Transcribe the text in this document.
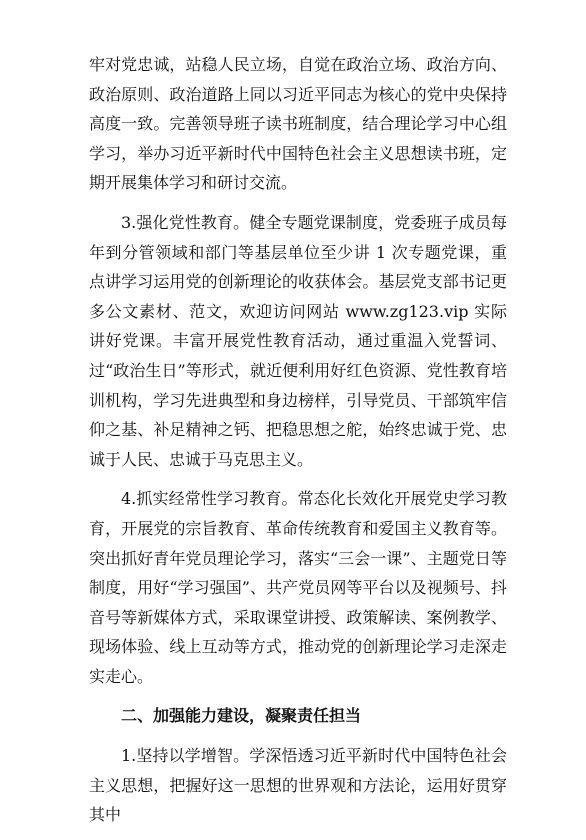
牢对党忠诚，站稳人民立场，自觉在政治立场、政治方向、政治原则、政治道路上同以习近平同志为核心的党中央保持高度一致。完善领导班子读书班制度，结合理论学习中心组学习，举办习近平新时代中国特色社会主义思想读书班，定期开展集体学习和研讨交流。

3.强化党性教育。健全专题党课制度，党委班子成员每年到分管领域和部门等基层单位至少讲 1 次专题党课，重点讲学习运用党的创新理论的收获体会。基层党支部书记更多公文素材、范文，欢迎访问网站 www.zg123.vip 实际讲好党课。丰富开展党性教育活动，通过重温入党誓词、过“政治生日”等形式，就近便利用好红色资源、党性教育培训机构，学习先进典型和身边榜样，引导党员、干部筑牢信仰之基、补足精神之钙、把稳思想之舵，始终忠诚于党、忠诚于人民、忠诚于马克思主义。

4.抓实经常性学习教育。常态化长效化开展党史学习教育，开展党的宗旨教育、革命传统教育和爱国主义教育等。突出抓好青年党员理论学习，落实“三会一课”、主题党日等制度，用好“学习强国”、共产党员网等平台以及视频号、抖音号等新媒体方式，采取课堂讲授、政策解读、案例教学、现场体验、线上互动等方式，推动党的创新理论学习走深走实走心。

二、加强能力建设，凝聚责任担当

1.坚持以学增智。学深悟透习近平新时代中国特色社会主义思想，把握好这一思想的世界观和方法论，运用好贯穿其中
